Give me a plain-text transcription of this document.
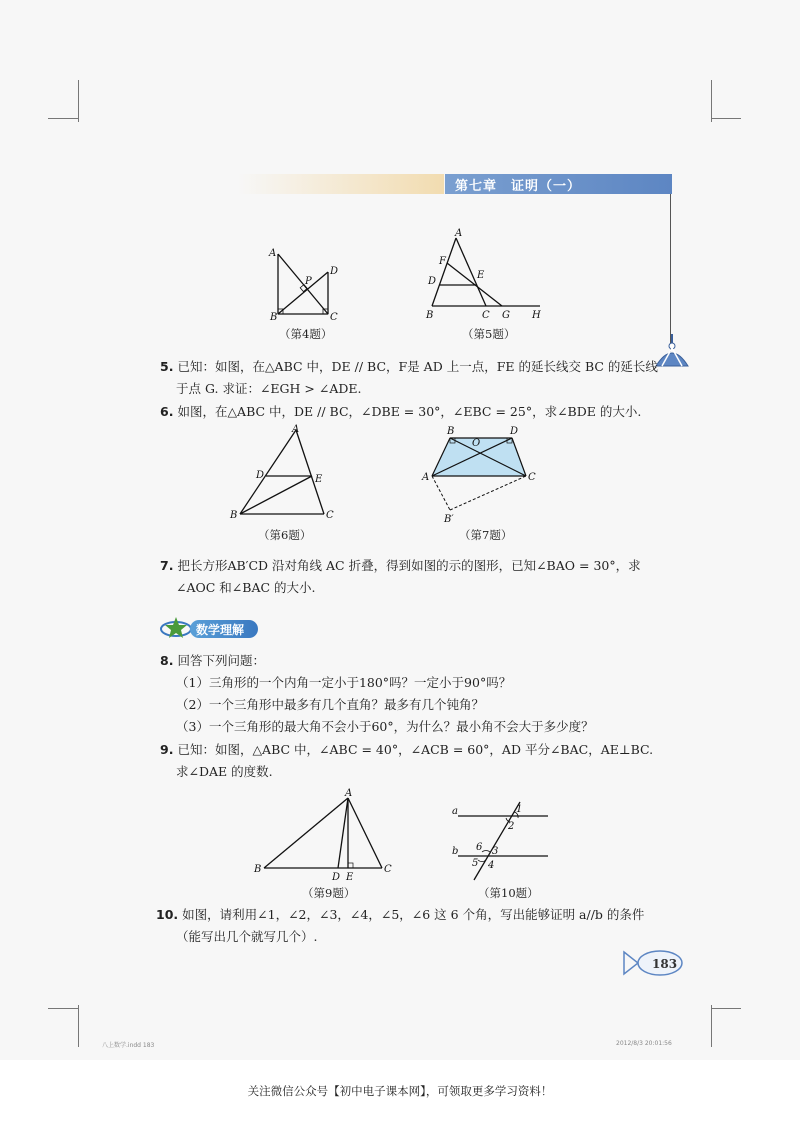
第七章　证明（一）
A
D
P
B	C
（第4题）
A
F
D
E
B	C G H
（第5题）
5. 已知：如图，在△ABC 中，DE // BC，F是 AD 上一点，FE 的延长线交 BC 的延长线
于点 G. 求证：∠EGH > ∠ADE.
6. 如图，在△ABC 中，DE // BC，∠DBE = 30°，∠EBC = 25°，求∠BDE 的大小.
A
D	E
B	C
（第6题）
B
O
D
A	C
B′
（第7题）
7. 把长方形AB′CD 沿对角线 AC 折叠，得到如图的示的图形，已知∠BAO = 30°，求
∠AOC 和∠BAC 的大小.
数学理解
8. 回答下列问题：
（1）三角形的一个内角一定小于180°吗？一定小于90°吗？
（2）一个三角形中最多有几个直角？最多有几个钝角？
（3）一个三角形的最大角不会小于60°，为什么？最小角不会大于多少度？
9. 已知：如图，△ABC 中，∠ABC = 40°，∠ACB = 60°，AD 平分∠BAC，AE⊥BC.
求∠DAE 的度数.
A
B
D E
C
（第9题）
a
b
1
2
6 3
5 4
（第10题）
10. 如图，请利用∠1，∠2，∠3，∠4，∠5，∠6 这 6 个角，写出能够证明 a//b 的条件
（能写出几个就写几个）.
183
八上数学.indd 183	2012/8/3 20:01:56
关注微信公众号【初中电子课本网】，可领取更多学习资料！
